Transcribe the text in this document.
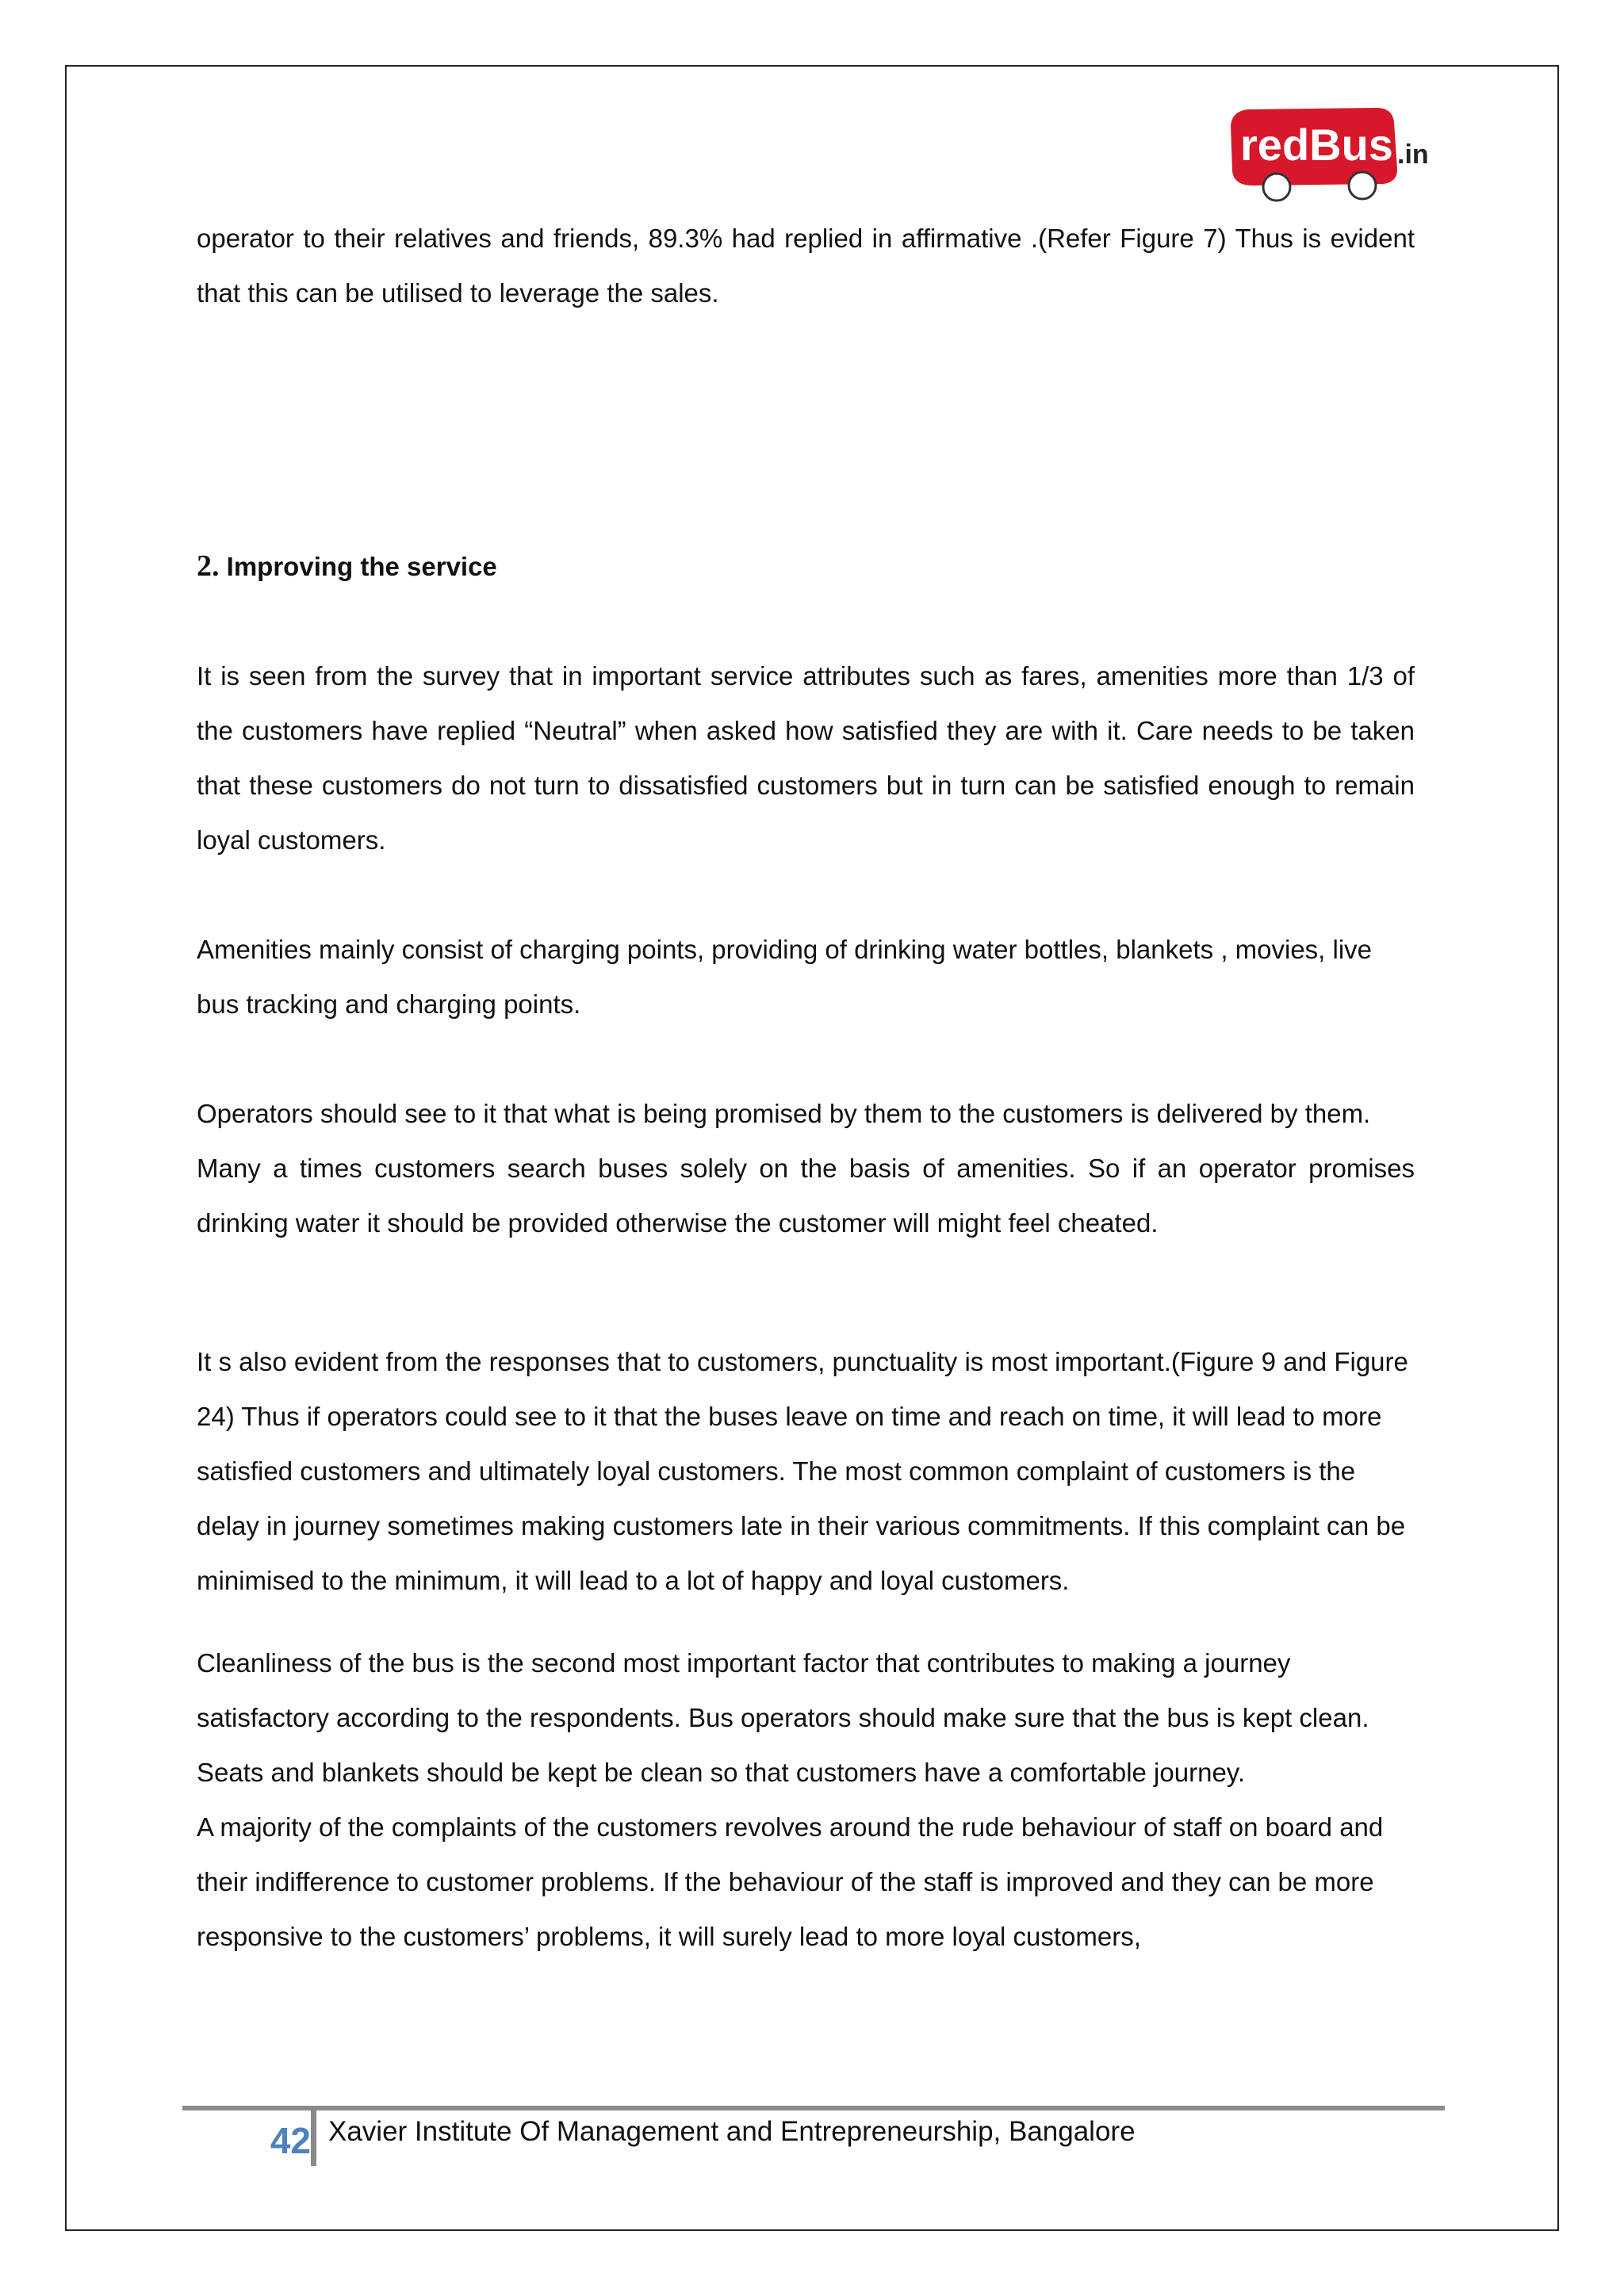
redBus .in

operator to their relatives and friends, 89.3% had replied in affirmative .(Refer Figure 7) Thus is evident that this can be utilised to leverage the sales.

2. Improving the service

It is seen from the survey that in important service attributes such as fares, amenities more than 1/3 of the customers have replied “Neutral” when asked how satisfied they are with it. Care needs to be taken that these customers do not turn to dissatisfied customers but in turn can be satisfied enough to remain loyal customers.

Amenities mainly consist of charging points, providing of drinking water bottles, blankets , movies, live bus tracking and charging points.

Operators should see to it that what is being promised by them to the customers is delivered by them.

Many a times customers search buses solely on the basis of amenities. So if an operator promises drinking water it should be provided otherwise the customer will might feel cheated.

It s also evident from the responses that to customers, punctuality is most important.(Figure 9 and Figure 24) Thus if operators could see to it that the buses leave on time and reach on time, it will lead to more satisfied customers and ultimately loyal customers. The most common complaint of customers is the delay in journey sometimes making customers late in their various commitments. If this complaint can be minimised to the minimum, it will lead to a lot of happy and loyal customers.

Cleanliness of the bus is the second most important factor that contributes to making a journey satisfactory according to the respondents. Bus operators should make sure that the bus is kept clean. Seats and blankets should be kept be clean so that customers have a comfortable journey.

A majority of the complaints of the customers revolves around the rude behaviour of staff on board and their indifference to customer problems. If the behaviour of the staff is improved and they can be more responsive to the customers’ problems, it will surely lead to more loyal customers,

42 Xavier Institute Of Management and Entrepreneurship, Bangalore
